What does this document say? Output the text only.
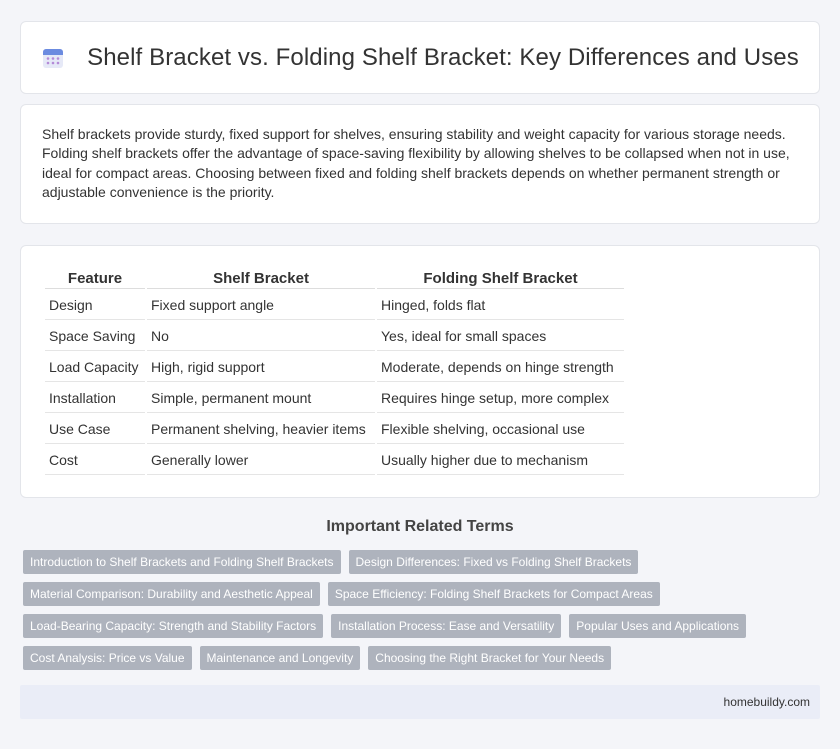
Shelf Bracket vs. Folding Shelf Bracket: Key Differences and Uses

Shelf brackets provide sturdy, fixed support for shelves, ensuring stability and weight capacity for various storage needs. Folding shelf brackets offer the advantage of space-saving flexibility by allowing shelves to be collapsed when not in use, ideal for compact areas. Choosing between fixed and folding shelf brackets depends on whether permanent strength or adjustable convenience is the priority.

Feature	Shelf Bracket	Folding Shelf Bracket
Design	Fixed support angle	Hinged, folds flat
Space Saving	No	Yes, ideal for small spaces
Load Capacity	High, rigid support	Moderate, depends on hinge strength
Installation	Simple, permanent mount	Requires hinge setup, more complex
Use Case	Permanent shelving, heavier items	Flexible shelving, occasional use
Cost	Generally lower	Usually higher due to mechanism
Important Related Terms
Introduction to Shelf Brackets and Folding Shelf Brackets	Design Differences: Fixed vs Folding Shelf Brackets
Material Comparison: Durability and Aesthetic Appeal	Space Efficiency: Folding Shelf Brackets for Compact Areas
Load-Bearing Capacity: Strength and Stability Factors	Installation Process: Ease and Versatility	Popular Uses and Applications
Cost Analysis: Price vs Value	Maintenance and Longevity	Choosing the Right Bracket for Your Needs
homebuildy.com
